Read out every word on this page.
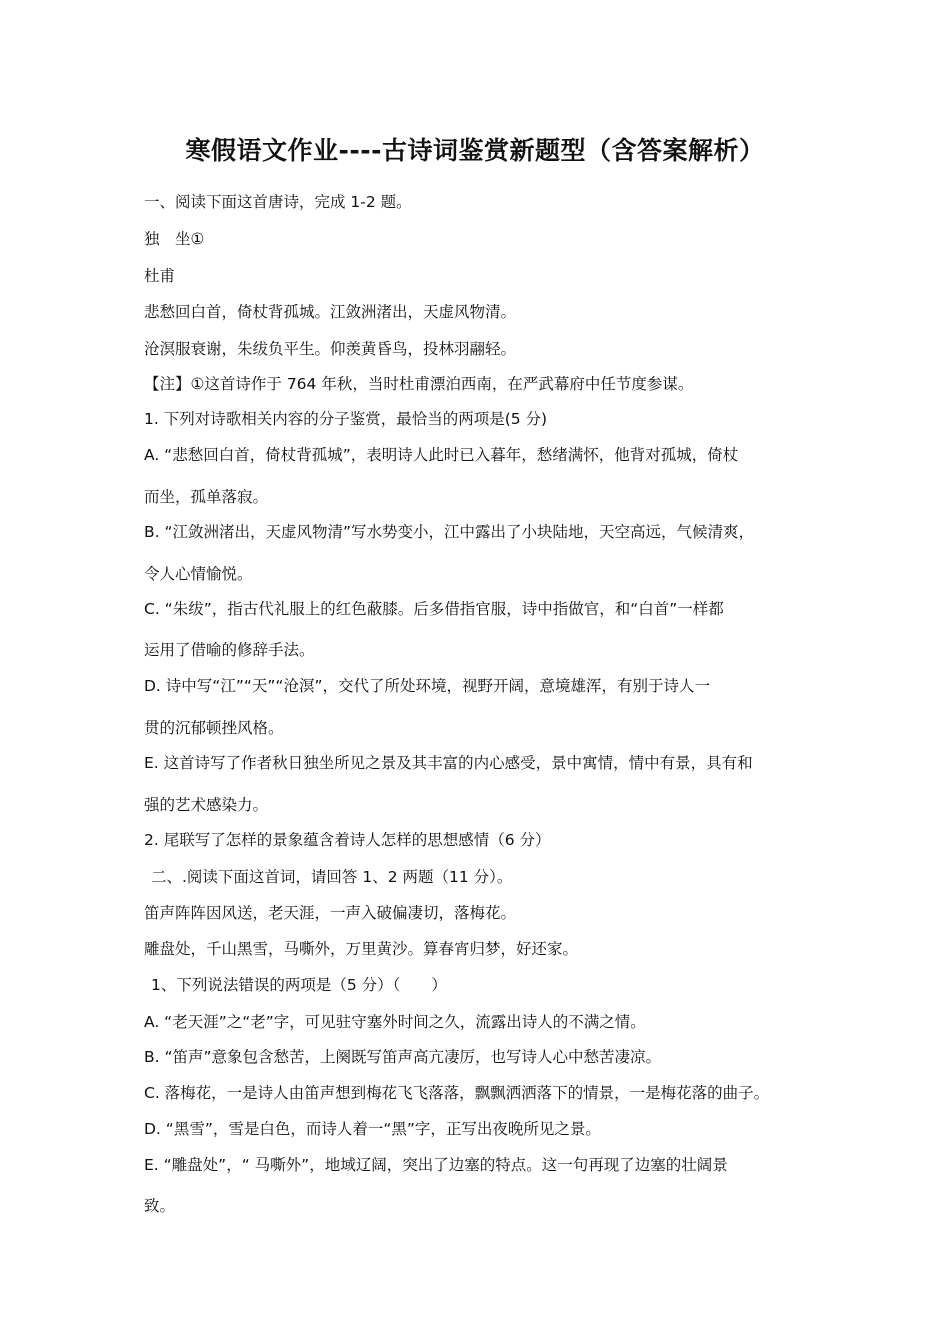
寒假语文作业----古诗词鉴赏新题型（含答案解析）
一、阅读下面这首唐诗，完成 1-2 题。
独　坐①
杜甫
悲愁回白首，倚杖背孤城。江敛洲渚出，天虚风物清。
沧溟服衰谢，朱绂负平生。仰羡黄昏鸟，投林羽翮轻。
【注】①这首诗作于 764 年秋，当时杜甫漂泊西南，在严武幕府中任节度参谋。
1. 下列对诗歌相关内容的分子鉴赏，最恰当的两项是(5 分)
A. “悲愁回白首，倚杖背孤城”，表明诗人此时已入暮年，愁绪满怀，他背对孤城，倚杖
而坐，孤单落寂。
B. “江敛洲渚出，天虚风物清”写水势变小，江中露出了小块陆地，天空高远，气候清爽，
令人心情愉悦。
C. “朱绂”，指古代礼服上的红色蔽膝。后多借指官服，诗中指做官，和“白首”一样都
运用了借喻的修辞手法。
D. 诗中写“江”“天”“沧溟”，交代了所处环境，视野开阔，意境雄浑，有别于诗人一
贯的沉郁顿挫风格。
E. 这首诗写了作者秋日独坐所见之景及其丰富的内心感受，景中寓情，情中有景，具有和
强的艺术感染力。
2. 尾联写了怎样的景象蕴含着诗人怎样的思想感情（6 分）
二、.阅读下面这首词，请回答 1、2 两题（11 分）。
笛声阵阵因风送，老天涯，一声入破偏凄切，落梅花。
雕盘处，千山黑雪，马嘶外，万里黄沙。算春宵归梦，好还家。
1、下列说法错误的两项是（5 分）（　　）
A. “老天涯”之“老”字，可见驻守塞外时间之久，流露出诗人的不满之情。
B. “笛声”意象包含愁苦，上阕既写笛声高亢凄厉，也写诗人心中愁苦凄凉。
C. 落梅花，一是诗人由笛声想到梅花飞飞落落，飘飘洒洒落下的情景，一是梅花落的曲子。
D. “黑雪”，雪是白色，而诗人着一“黑”字，正写出夜晚所见之景。
E. “雕盘处”，“ 马嘶外”，地域辽阔，突出了边塞的特点。这一句再现了边塞的壮阔景
致。
